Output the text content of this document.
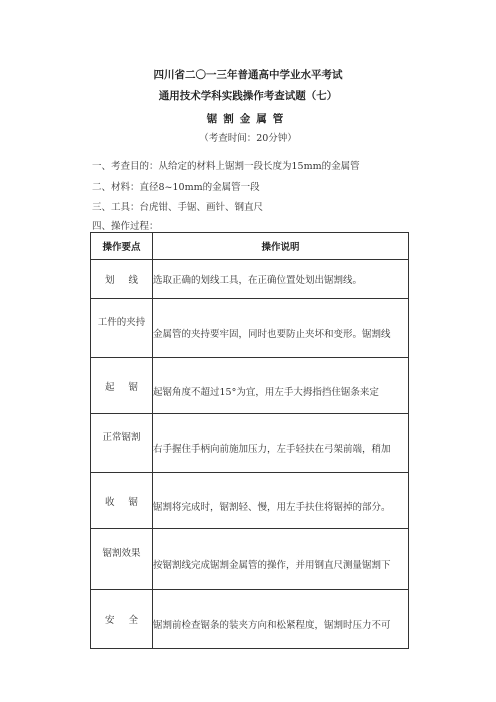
四川省二〇一三年普通高中学业水平考试
通用技术学科实践操作考查试题（七）
锯割金属管
（考查时间：20分钟）
一、考查目的：从给定的材料上锯割一段长度为15mm的金属管
二、材料：直径8~10mm的金属管一段
三、工具：台虎钳、手锯、画针、钢直尺
四、操作过程：
操作要点	操作说明
划线	选取正确的划线工具，在正确位置处划出锯割线。

工件的夹持	金属管的夹持要牢固，同时也要防止夹坏和变形。锯割线

起锯	起锯角度不超过15°为宜，用左手大拇指挡住锯条来定

正常锯割	右手握住手柄向前施加压力，左手轻扶在弓架前端，稍加

收锯	锯割将完成时，锯割轻、慢，用左手扶住将锯掉的部分。

锯割效果	按锯割线完成锯割金属管的操作，并用钢直尺测量锯割下

安全	锯割前检查锯条的装夹方向和松紧程度，锯割时压力不可
